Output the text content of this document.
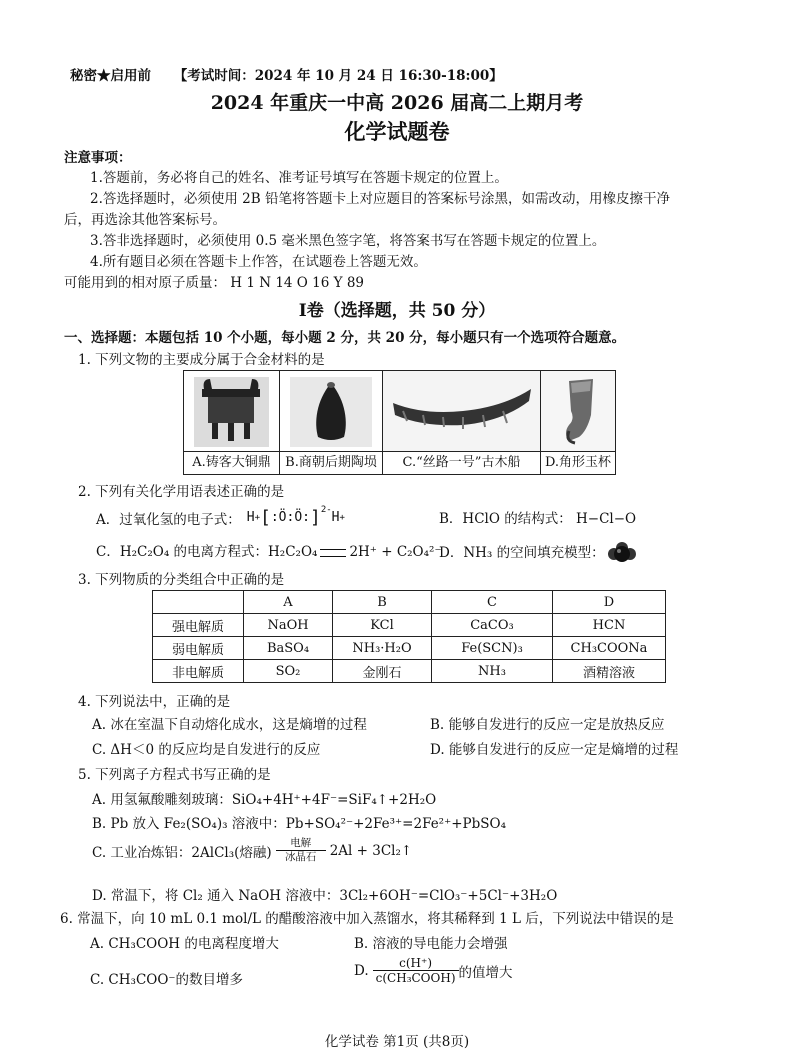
秘密★启用前 【考试时间：2024 年 10 月 24 日 16:30-18:00】
2024 年重庆一中高 2026 届高二上期月考
化学试题卷
注意事项：
1.答题前，务必将自己的姓名、准考证号填写在答题卡规定的位置上。
2.答选择题时，必须使用 2B 铅笔将答题卡上对应题目的答案标号涂黑，如需改动，用橡皮擦干净
后，再选涂其他答案标号。
3.答非选择题时，必须使用 0.5 毫米黑色签字笔，将答案书写在答题卡规定的位置上。
4.所有题目必须在答题卡上作答，在试题卷上答题无效。
可能用到的相对原子质量： H 1 N 14 O 16 Y 89
Ⅰ卷（选择题，共 50 分）
一、选择题：本题包括 10 个小题，每小题 2 分，共 20 分，每小题只有一个选项符合题意。
1. 下列文物的主要成分属于合金材料的是
A.铸客大铜鼎	B.商朝后期陶埙	C.“丝路一号”古木船	D.角形玉杯
2. 下列有关化学用语表述正确的是
A．过氧化氢的电子式： H + [ :Ö: Ö: ]$^{2-}$
H +	B．HClO 的结构式： H−Cl−O
C．H₂C₂O₄ 的电离方程式：H₂C₂O₄ 2H⁺ + C₂O₄²⁻
D．NH₃ 的空间填充模型：
3. 下列物质的分类组合中正确的是
	A	B	C	D
强电解质	NaOH	KCl	CaCO₃	HCN
弱电解质	BaSO₄	NH₃·H₂O	Fe(SCN)₃	CH₃COONa
非电解质	SO₂	金刚石	NH₃	酒精溶液
4. 下列说法中，正确的是
A. 冰在室温下自动熔化成水，这是熵增的过程	B. 能够自发进行的反应一定是放热反应
C. ΔH＜0 的反应均是自发进行的反应	D. 能够自发进行的反应一定是熵增的过程
5. 下列离子方程式书写正确的是
A. 用氢氟酸雕刻玻璃：SiO₄+4H⁺+4F⁻=SiF₄↑+2H₂O
B. Pb 放入 Fe₂(SO₄)₃ 溶液中：Pb+SO₄²⁻+2Fe³⁺=2Fe²⁺+PbSO₄
C. 工业冶炼铝：2AlCl₃(熔融)
电解
冰晶石 2Al + 3Cl₂↑
D. 常温下，将 Cl₂ 通入 NaOH 溶液中：3Cl₂+6OH⁻=ClO₃⁻+5Cl⁻+3H₂O
6. 常温下，向 10 mL 0.1 mol/L 的醋酸溶液中加入蒸馏水，将其稀释到 1 L 后，下列说法中错误的是
A. CH₃COOH 的电离程度增大	B. 溶液的导电能力会增强
C. CH₃COO⁻的数目增多
D. $\frac{c(H^+)}{\text{c(CH₃COOH)}}$ 的值增大
化学试卷 第1页 (共8页)
